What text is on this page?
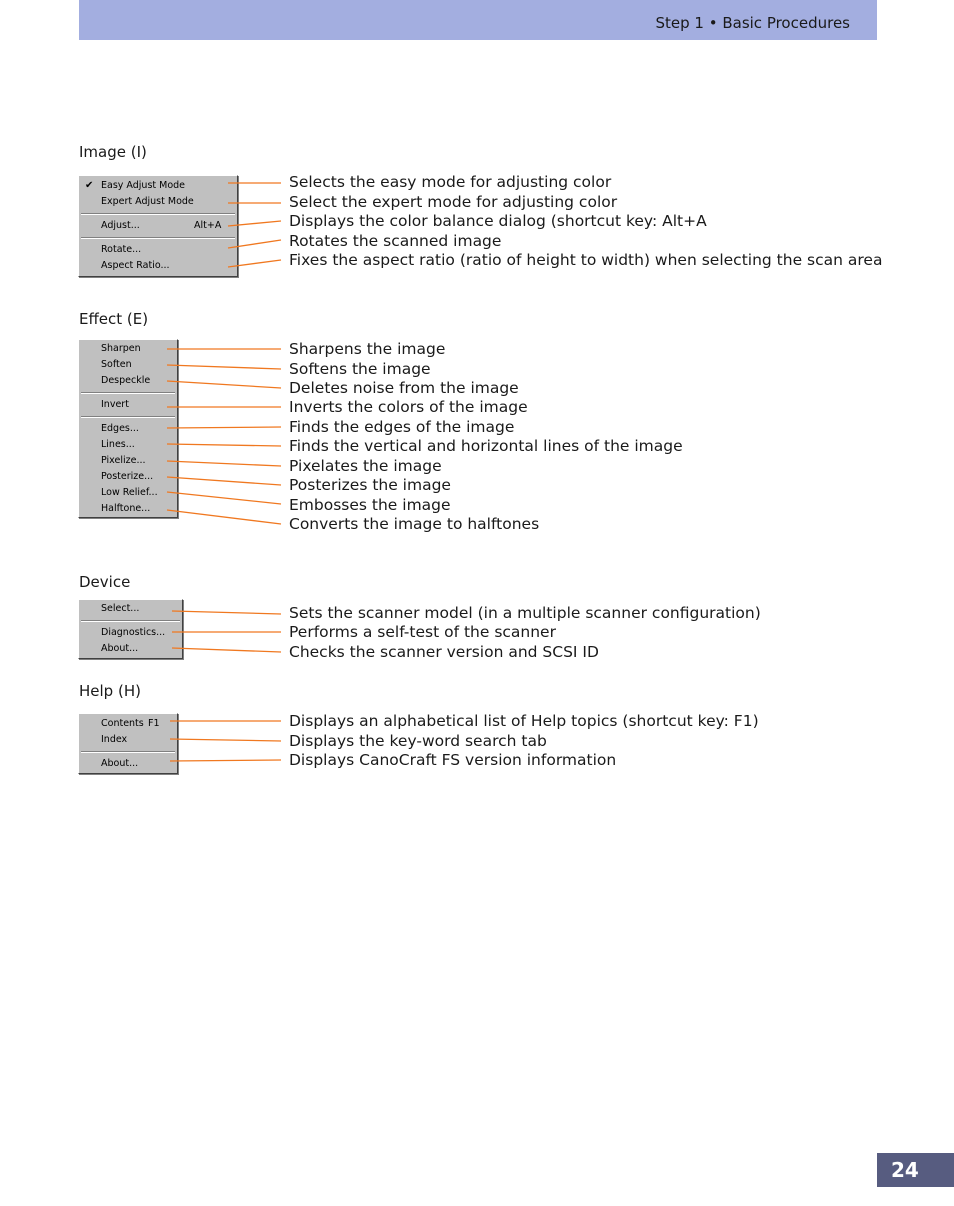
Step 1 • Basic Procedures
Image (I)
✔ Easy Adjust Mode
Expert Adjust Mode
Adjust...	Alt+A
Rotate...
Aspect Ratio...
Selects the easy mode for adjusting color
Select the expert mode for adjusting color
Displays the color balance dialog (shortcut key: Alt+A
Rotates the scanned image
Fixes the aspect ratio (ratio of height to width) when selecting the scan area
Effect (E)
Sharpen
Soften
Despeckle
Invert
Edges...
Lines...
Pixelize...
Posterize...
Low Relief...
Halftone...
Sharpens the image
Softens the image
Deletes noise from the image
Inverts the colors of the image
Finds the edges of the image
Finds the vertical and horizontal lines of the image
Pixelates the image
Posterizes the image
Embosses the image
Converts the image to halftones
Device
Select...
Diagnostics...
About...
Sets the scanner model (in a multiple scanner configuration)
Performs a self-test of the scanner
Checks the scanner version and SCSI ID
Help (H)
Contents F1
Index
About...
Displays an alphabetical list of Help topics (shortcut key: F1)
Displays the key-word search tab
Displays CanoCraft FS version information
24
